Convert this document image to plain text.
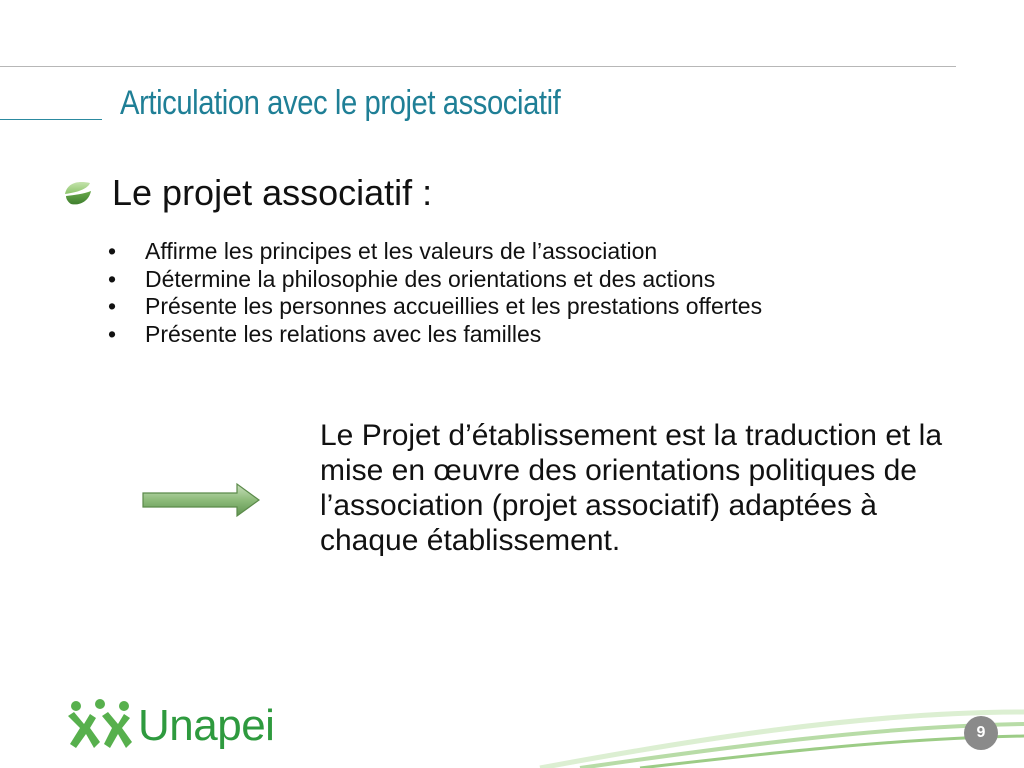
Articulation avec le projet associatif
Le projet associatif :
•	Affirme les principes et les valeurs de l’association
•	Détermine la philosophie des orientations et des actions
•	Présente les personnes accueillies et les prestations offertes
•	Présente les relations avec les familles

Le Projet d’établissement est la traduction et la mise en œuvre des orientations politiques de l’association (projet associatif) adaptées à chaque établissement.

Unapei	9
